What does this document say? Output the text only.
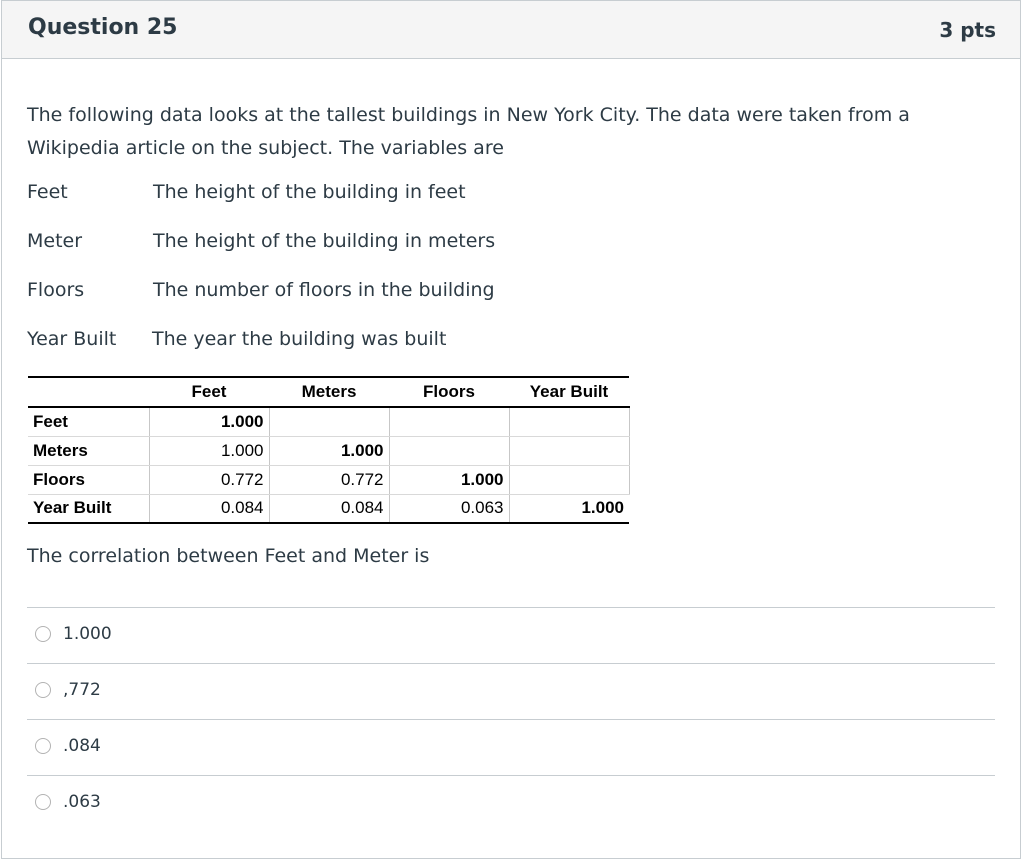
Question 25	3 pts
The following data looks at the tallest buildings in New York City. The data were taken from a Wikipedia article on the subject. The variables are
Feet	The height of the building in feet
Meter	The height of the building in meters
Floors	The number of floors in the building
Year Built The year the building was built
	Feet	Meters	Floors	Year Built
Feet	1.000			
Meters	1.000	1.000		
Floors	0.772	0.772	1.000	
Year Built	0.084	0.084	0.063	1.000
The correlation between Feet and Meter is
1.000
,772
.084
.063
